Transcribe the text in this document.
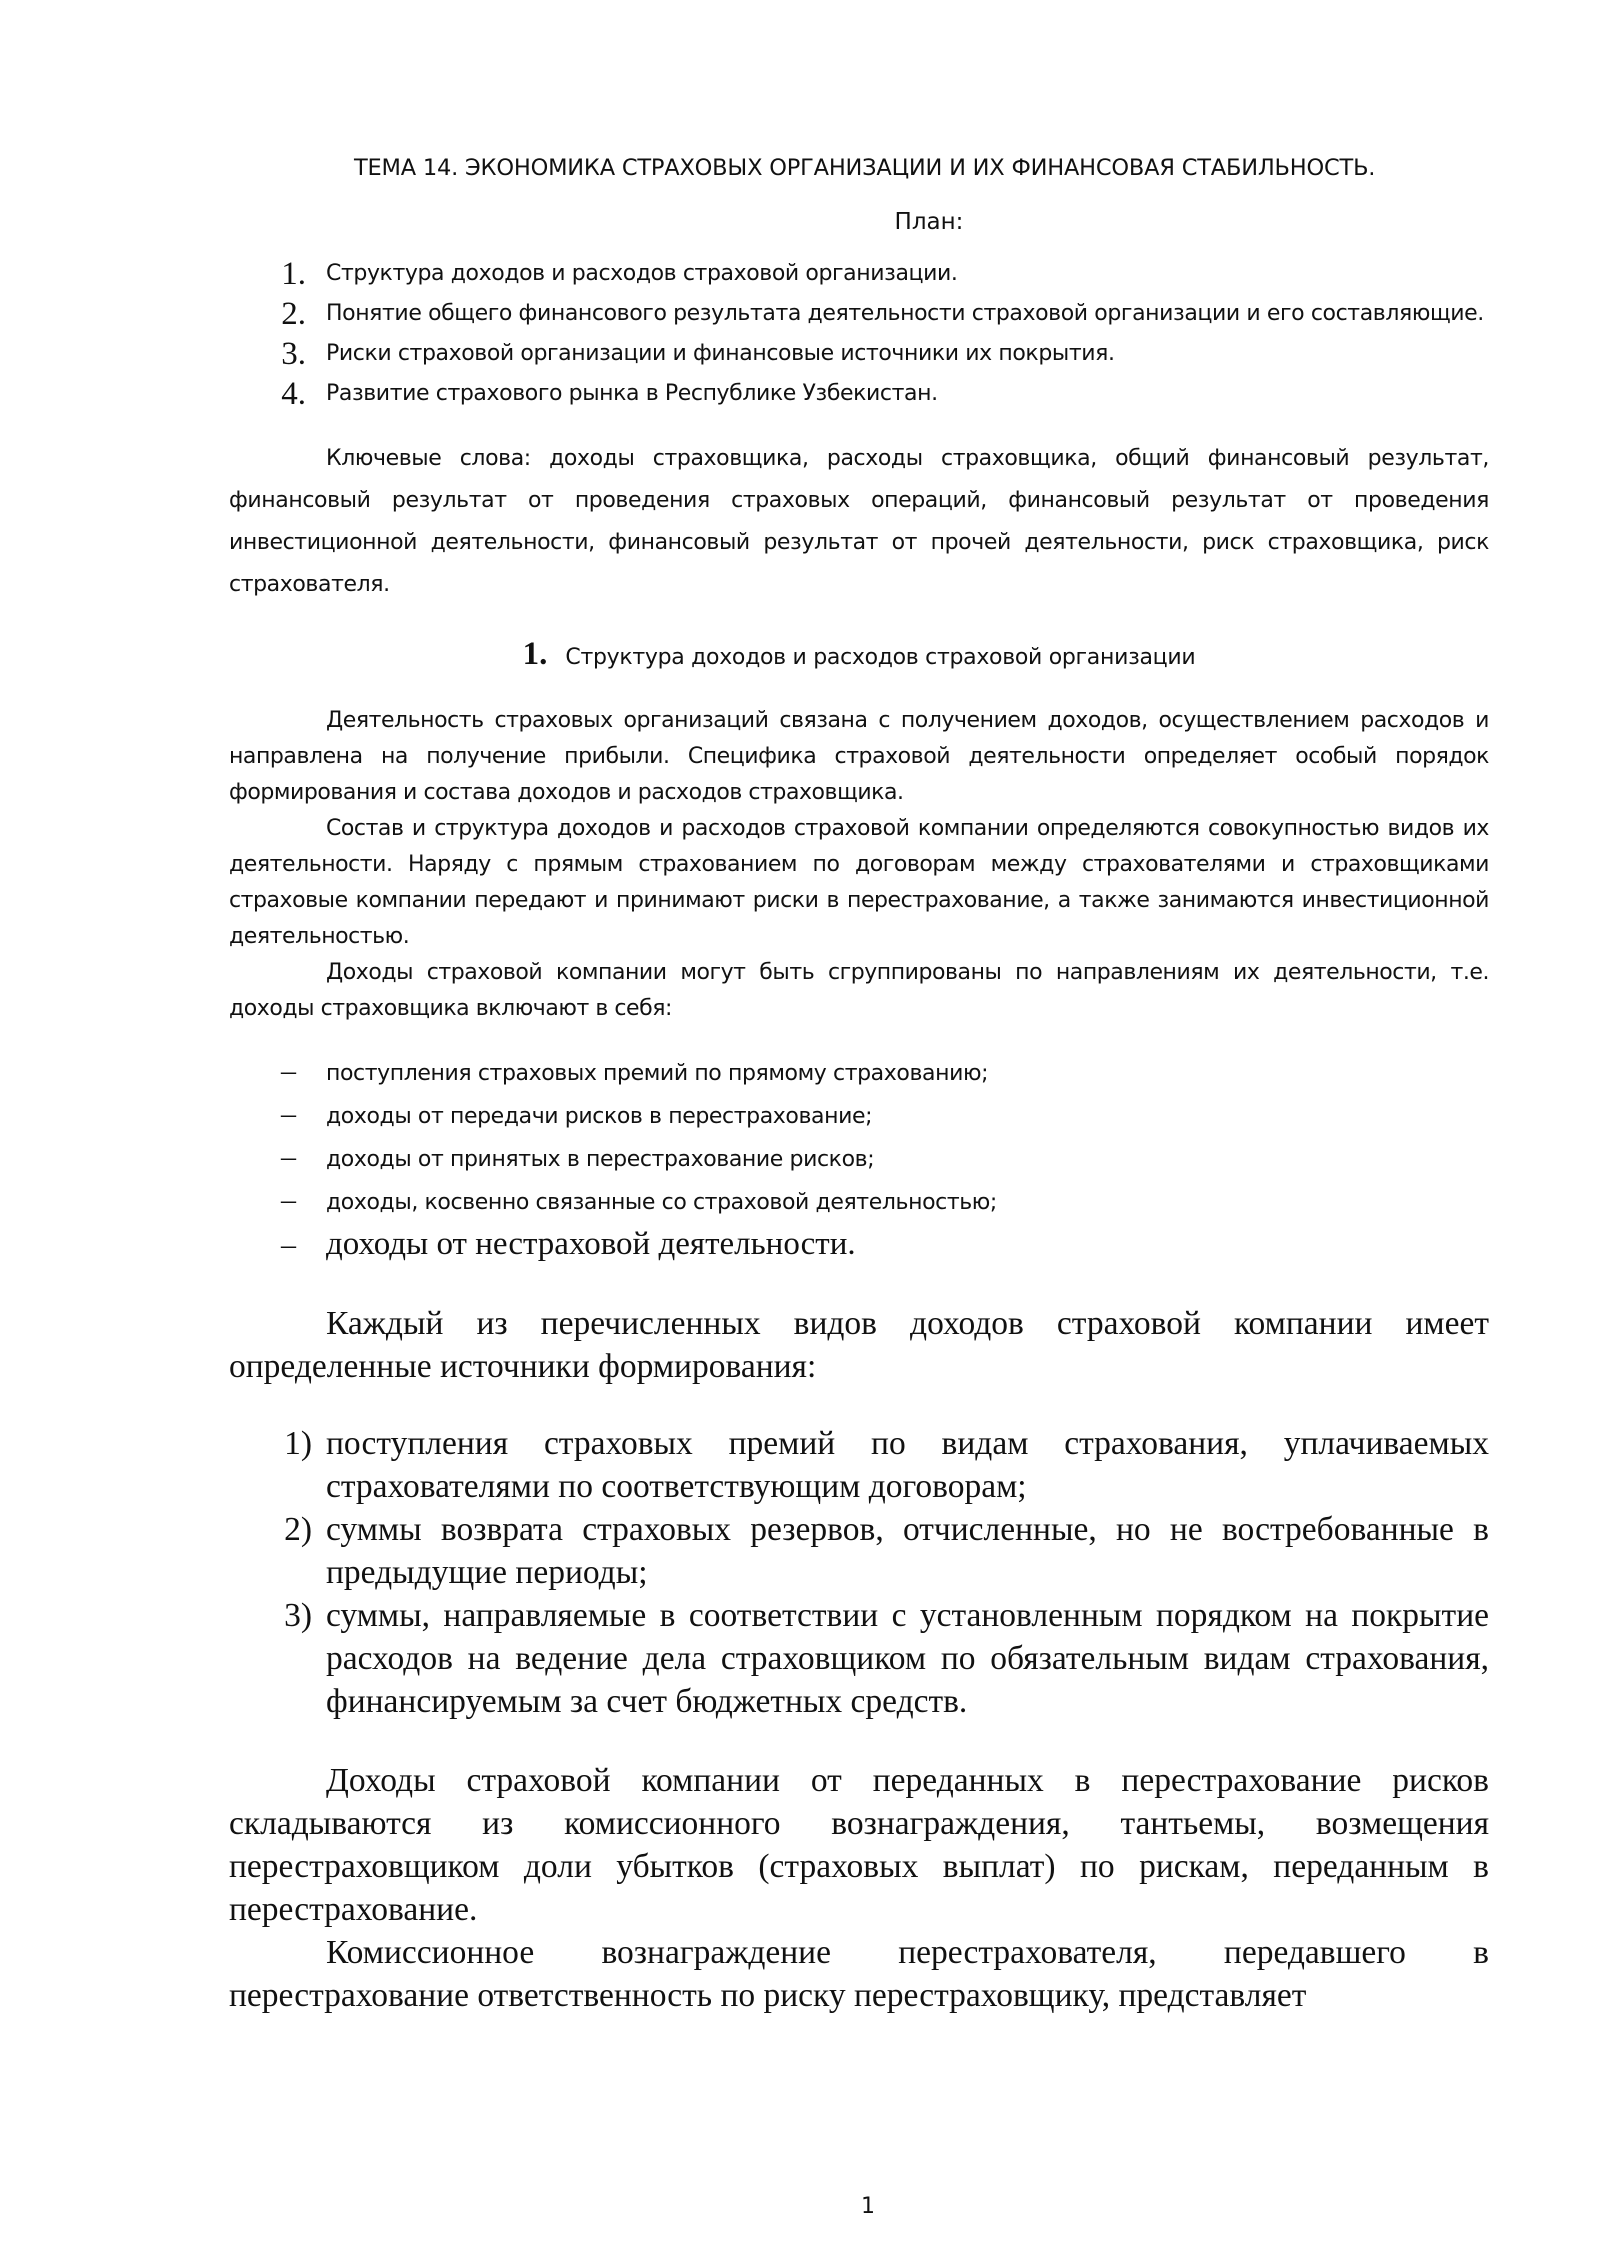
ТЕМА 14. ЭКОНОМИКА СТРАХОВЫХ ОРГАНИЗАЦИИ И ИХ ФИНАНСОВАЯ СТАБИЛЬНОСТЬ.

План:

1. Структура доходов и расходов страховой организации.
2. Понятие общего финансового результата деятельности страховой организации и его составляющие.
3. Риски страховой организации и финансовые источники их покрытия.
4. Развитие страхового рынка в Республике Узбекистан.

Ключевые слова: доходы страховщика, расходы страховщика, общий финансовый результат, финансовый результат от проведения страховых операций, финансовый результат от проведения инвестиционной деятельности, финансовый результат от прочей деятельности, риск страховщика, риск страхователя.

1. Структура доходов и расходов страховой организации

Деятельность страховых организаций связана с получением доходов, осуществлением расходов и направлена на получение прибыли. Специфика страховой деятельности определяет особый порядок формирования и состава доходов и расходов страховщика.

Состав и структура доходов и расходов страховой компании определяются совокупностью видов их деятельности. Наряду с прямым страхованием по договорам между страхователями и страховщиками страховые компании передают и принимают риски в перестрахование, а также занимаются инвестиционной деятельностью.

Доходы страховой компании могут быть сгруппированы по направлениям их деятельности, т.е. доходы страховщика включают в себя:

–	поступления страховых премий по прямому страхованию;
–	доходы от передачи рисков в перестрахование;
–	доходы от принятых в перестрахование рисков;
–	доходы, косвенно связанные со страховой деятельностью;
– доходы от нестраховой деятельности.

Каждый из перечисленных видов доходов страховой компании имеет определенные источники формирования:

1) поступления страховых премий по видам страхования, уплачиваемых страхователями по соответствующим договорам;
2) суммы возврата страховых резервов, отчисленные, но не востребованные в предыдущие периоды;
3) суммы, направляемые в соответствии с установленным порядком на покрытие расходов на ведение дела страховщиком по обязательным видам страхования, финансируемым за счет бюджетных средств.

Доходы страховой компании от переданных в перестрахование рисков складываются из комиссионного вознаграждения, тантьемы, возмещения перестраховщиком доли убытков (страховых выплат) по рискам, переданным в перестрахование.

Комиссионное вознаграждение перестрахователя, передавшего в перестрахование ответственность по риску перестраховщику, представляет

1
